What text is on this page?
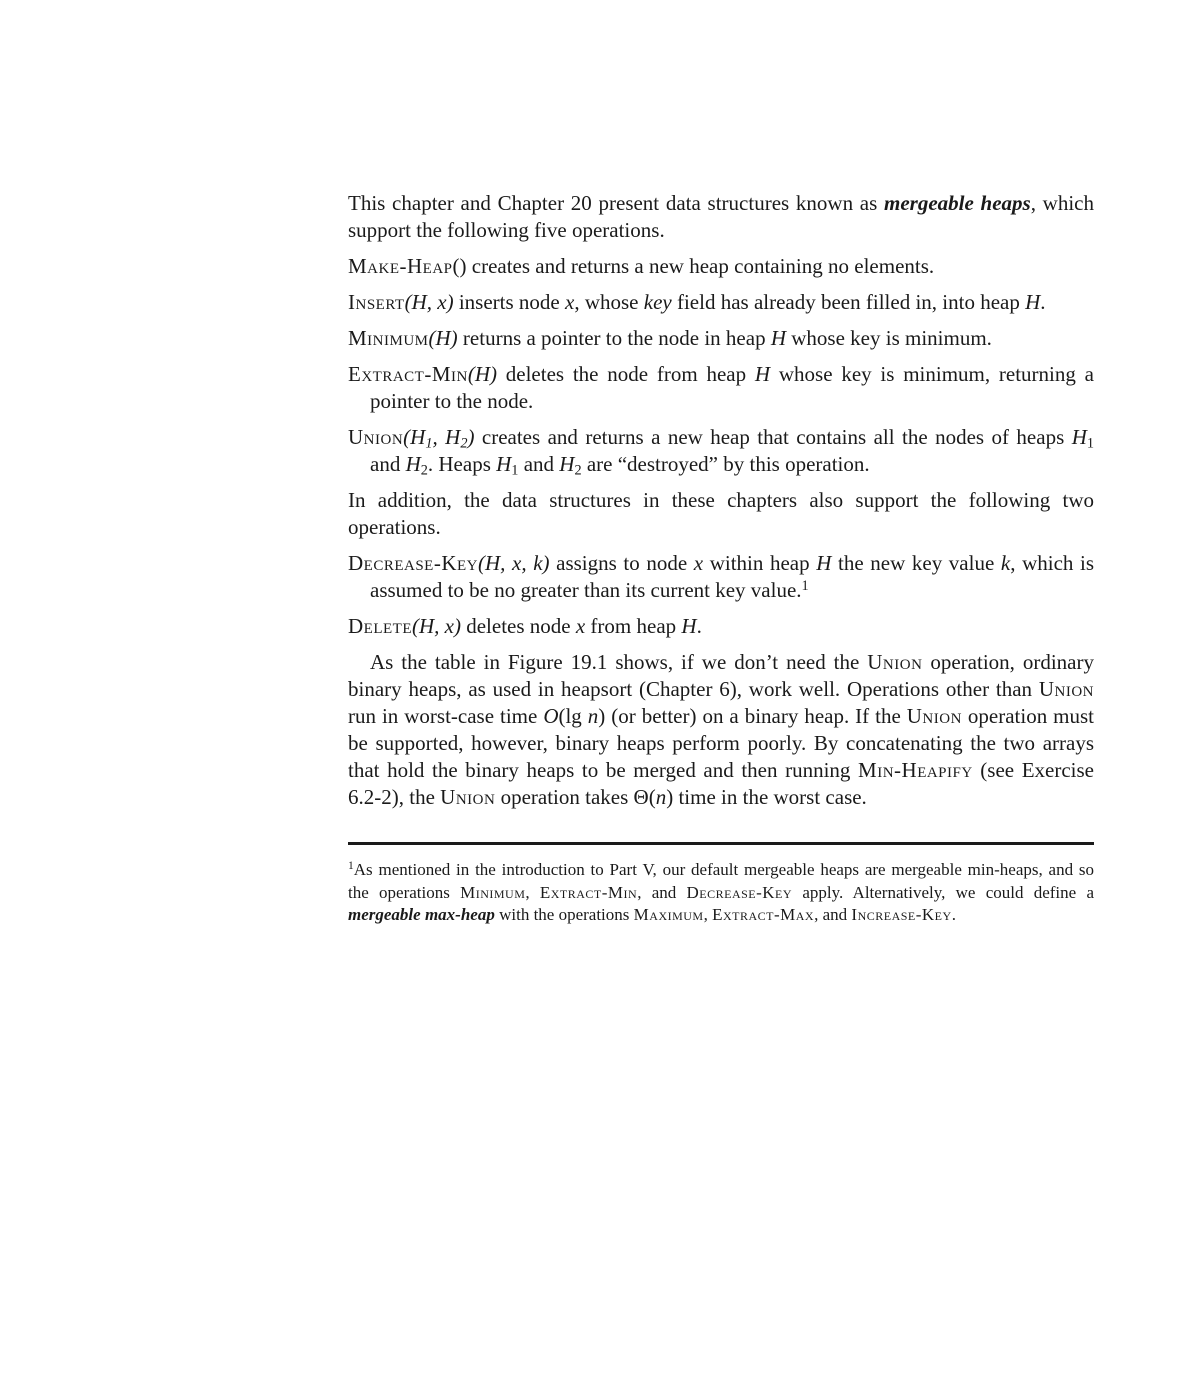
This chapter and Chapter 20 present data structures known as mergeable heaps, which support the following five operations.

Make-Heap() creates and returns a new heap containing no elements.

Insert(H, x) inserts node x, whose key field has already been filled in, into heap H.

Minimum(H) returns a pointer to the node in heap H whose key is minimum.

Extract-Min(H) deletes the node from heap H whose key is minimum, returning a pointer to the node.

$Union(H_1$, $H_2$) creates and returns a new heap that contains all the nodes of heaps $H_1$ and $H_2$. Heaps $H_1$ and $H_2$ are “destroyed” by this operation.

In addition, the data structures in these chapters also support the following two operations.

Decrease-Key(H, x, k) assigns to node x within heap H the new key value k, which is assumed to be no greater than its current key value.$^1$

Delete(H, x) deletes node x from heap H.

As the table in Figure 19.1 shows, if we don’t need the Union operation, ordinary binary heaps, as used in heapsort (Chapter 6), work well. Operations other than Union run in worst-case time O(lg n) (or better) on a binary heap. If the Union operation must be supported, however, binary heaps perform poorly. By concatenating the two arrays that hold the binary heaps to be merged and then running Min-Heapify (see Exercise 6.2-2), the Union operation takes Θ(n) time in the worst case.

$^1$As mentioned in the introduction to Part V, our default mergeable heaps are mergeable min-heaps, and so the operations Minimum, Extract-Min, and Decrease-Key apply. Alternatively, we could define a mergeable max-heap with the operations Maximum, Extract-Max, and Increase-Key.
